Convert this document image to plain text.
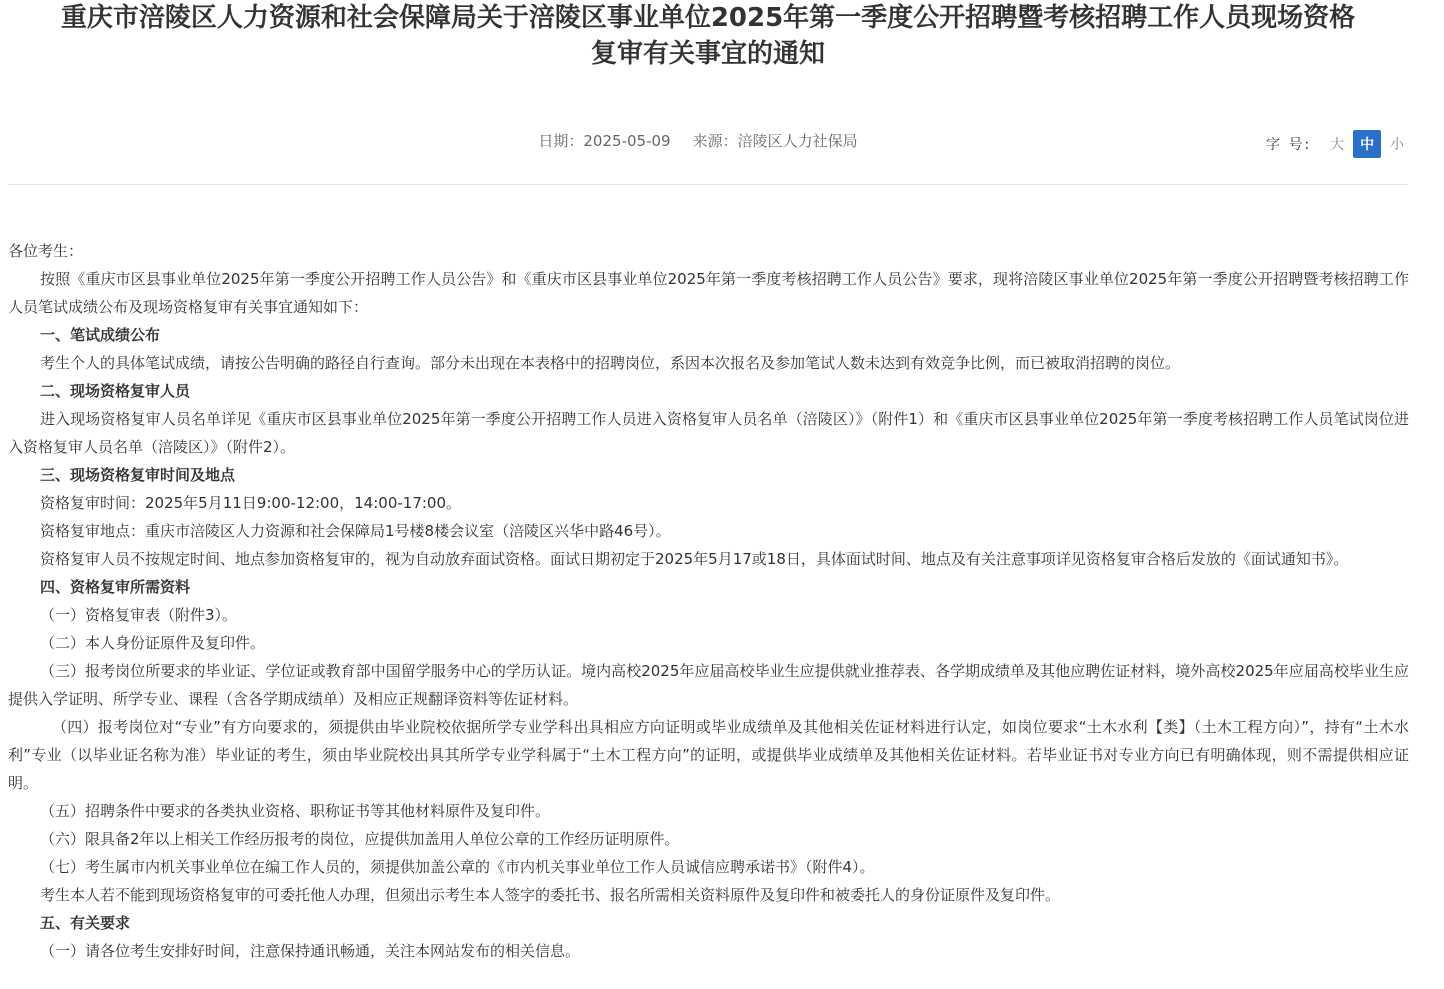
重庆市涪陵区人力资源和社会保障局关于涪陵区事业单位2025年第一季度公开招聘暨考核招聘工作人员现场资格
复审有关事宜的通知
日期：2025-05-09 来源：涪陵区人力社保局	字 号:	大	中	小

各位考生：

按照《重庆市区县事业单位2025年第一季度公开招聘工作人员公告》和《重庆市区县事业单位2025年第一季度考核招聘工作人员公告》要求，现将涪陵区事业单位2025年第一季度公开招聘暨考核招聘工作人员笔试成绩公布及现场资格复审有关事宜通知如下：

一、笔试成绩公布

考生个人的具体笔试成绩，请按公告明确的路径自行查询。部分未出现在本表格中的招聘岗位，系因本次报名及参加笔试人数未达到有效竞争比例，而已被取消招聘的岗位。

二、现场资格复审人员

进入现场资格复审人员名单详见《重庆市区县事业单位2025年第一季度公开招聘工作人员进入资格复审人员名单（涪陵区）》（附件1）和《重庆市区县事业单位2025年第一季度考核招聘工作人员笔试岗位进入资格复审人员名单（涪陵区）》（附件2）。

三、现场资格复审时间及地点

资格复审时间：2025年5月11日9:00-12:00，14:00-17:00。

资格复审地点：重庆市涪陵区人力资源和社会保障局1号楼8楼会议室（涪陵区兴华中路46号）。

资格复审人员不按规定时间、地点参加资格复审的，视为自动放弃面试资格。面试日期初定于2025年5月17或18日，具体面试时间、地点及有关注意事项详见资格复审合格后发放的《面试通知书》。

四、资格复审所需资料

（一）资格复审表（附件3）。

（二）本人身份证原件及复印件。

（三）报考岗位所要求的毕业证、学位证或教育部中国留学服务中心的学历认证。境内高校2025年应届高校毕业生应提供就业推荐表、各学期成绩单及其他应聘佐证材料，境外高校2025年应届高校毕业生应提供入学证明、所学专业、课程（含各学期成绩单）及相应正规翻译资料等佐证材料。

（四）报考岗位对“专业”有方向要求的，须提供由毕业院校依据所学专业学科出具相应方向证明或毕业成绩单及其他相关佐证材料进行认定，如岗位要求“土木水利【类】（土木工程方向）”，持有“土木水利”专业（以毕业证名称为准）毕业证的考生，须由毕业院校出具其所学专业学科属于“土木工程方向”的证明，或提供毕业成绩单及其他相关佐证材料。若毕业证书对专业方向已有明确体现，则不需提供相应证明。

（五）招聘条件中要求的各类执业资格、职称证书等其他材料原件及复印件。

（六）限具备2年以上相关工作经历报考的岗位，应提供加盖用人单位公章的工作经历证明原件。

（七）考生属市内机关事业单位在编工作人员的，须提供加盖公章的《市内机关事业单位工作人员诚信应聘承诺书》（附件4）。

考生本人若不能到现场资格复审的可委托他人办理，但须出示考生本人签字的委托书、报名所需相关资料原件及复印件和被委托人的身份证原件及复印件。

五、有关要求

（一）请各位考生安排好时间，注意保持通讯畅通，关注本网站发布的相关信息。
